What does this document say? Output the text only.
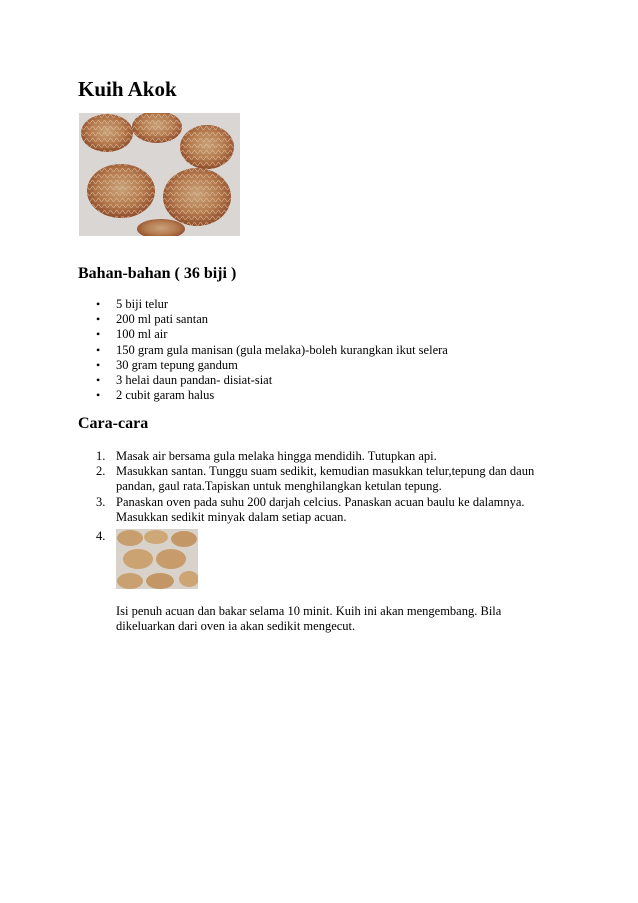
Kuih Akok
Bahan-bahan ( 36 biji )
• 5 biji telur
• 200 ml pati santan
• 100 ml air
• 150 gram gula manisan (gula melaka)-boleh kurangkan ikut selera
• 30 gram tepung gandum
• 3 helai daun pandan- disiat-siat
• 2 cubit garam halus
Cara-cara
1. Masak air bersama gula melaka hingga mendidih. Tutupkan api.
2. Masukkan santan. Tunggu suam sedikit, kemudian masukkan telur,tepung dan daun
pandan, gaul rata.Tapiskan untuk menghilangkan ketulan tepung.
3. Panaskan oven pada suhu 200 darjah celcius. Panaskan acuan baulu ke dalamnya.
Masukkan sedikit minyak dalam setiap acuan.
4.
Isi penuh acuan dan bakar selama 10 minit. Kuih ini akan mengembang. Bila
dikeluarkan dari oven ia akan sedikit mengecut.
